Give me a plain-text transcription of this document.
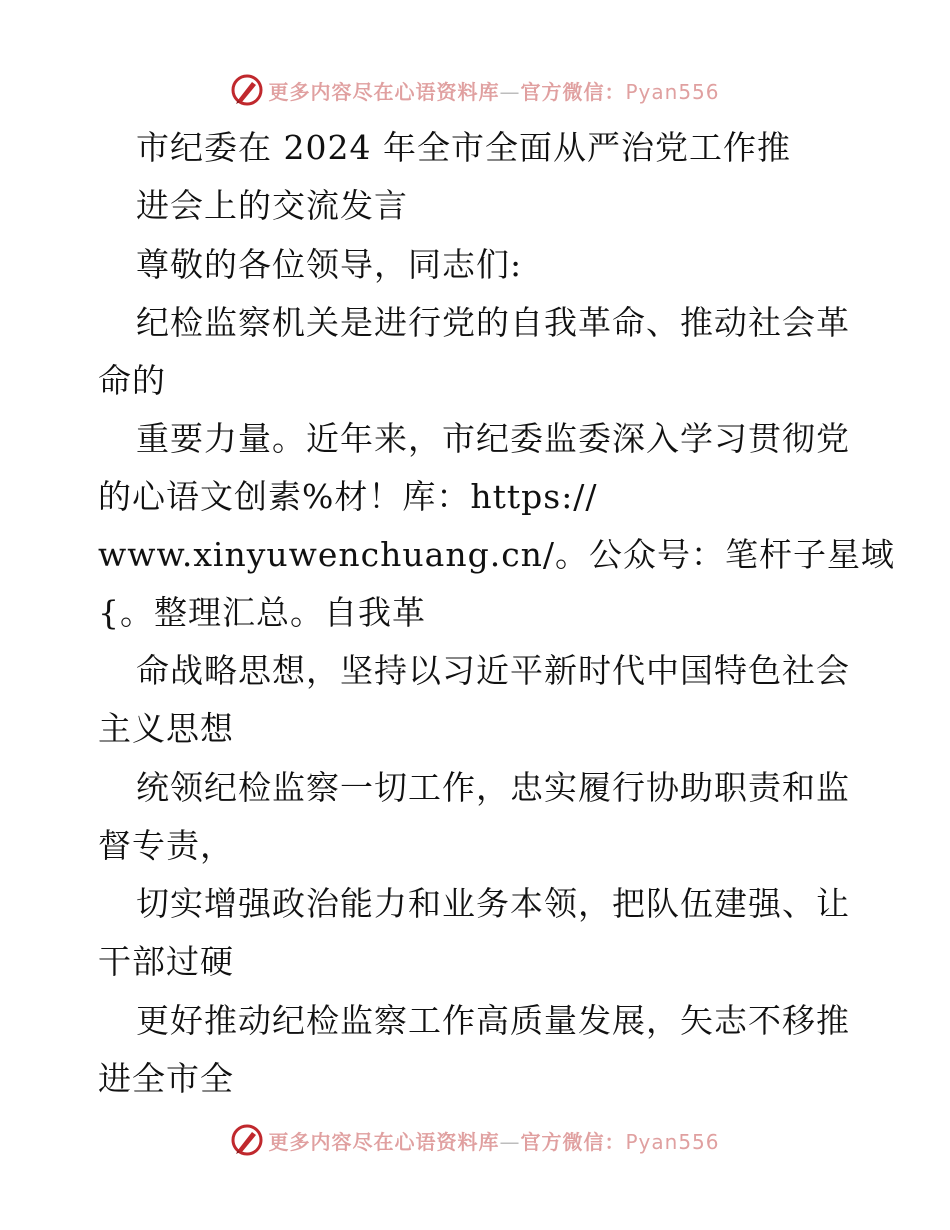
更多内容尽在心语资料库—官方微信：Pyan556

市纪委在 2024 年全市全面从严治党工作推

进会上的交流发言

尊敬的各位领导，同志们:

纪检监察机关是进行党的自我革命、推动社会革

命的

重要力量。近年来，市纪委监委深入学习贯彻党

的心语文创素%材！库：https://

www.xinyuwenchuang.cn/。公众号：笔杆子星域

{。整理汇总。自我革

命战略思想，坚持以习近平新时代中国特色社会

主义思想

统领纪检监察一切工作，忠实履行协助职责和监

督专责，

切实增强政治能力和业务本领，把队伍建强、让

干部过硬

更好推动纪检监察工作高质量发展，矢志不移推

进全市全

更多内容尽在心语资料库—官方微信：Pyan556
